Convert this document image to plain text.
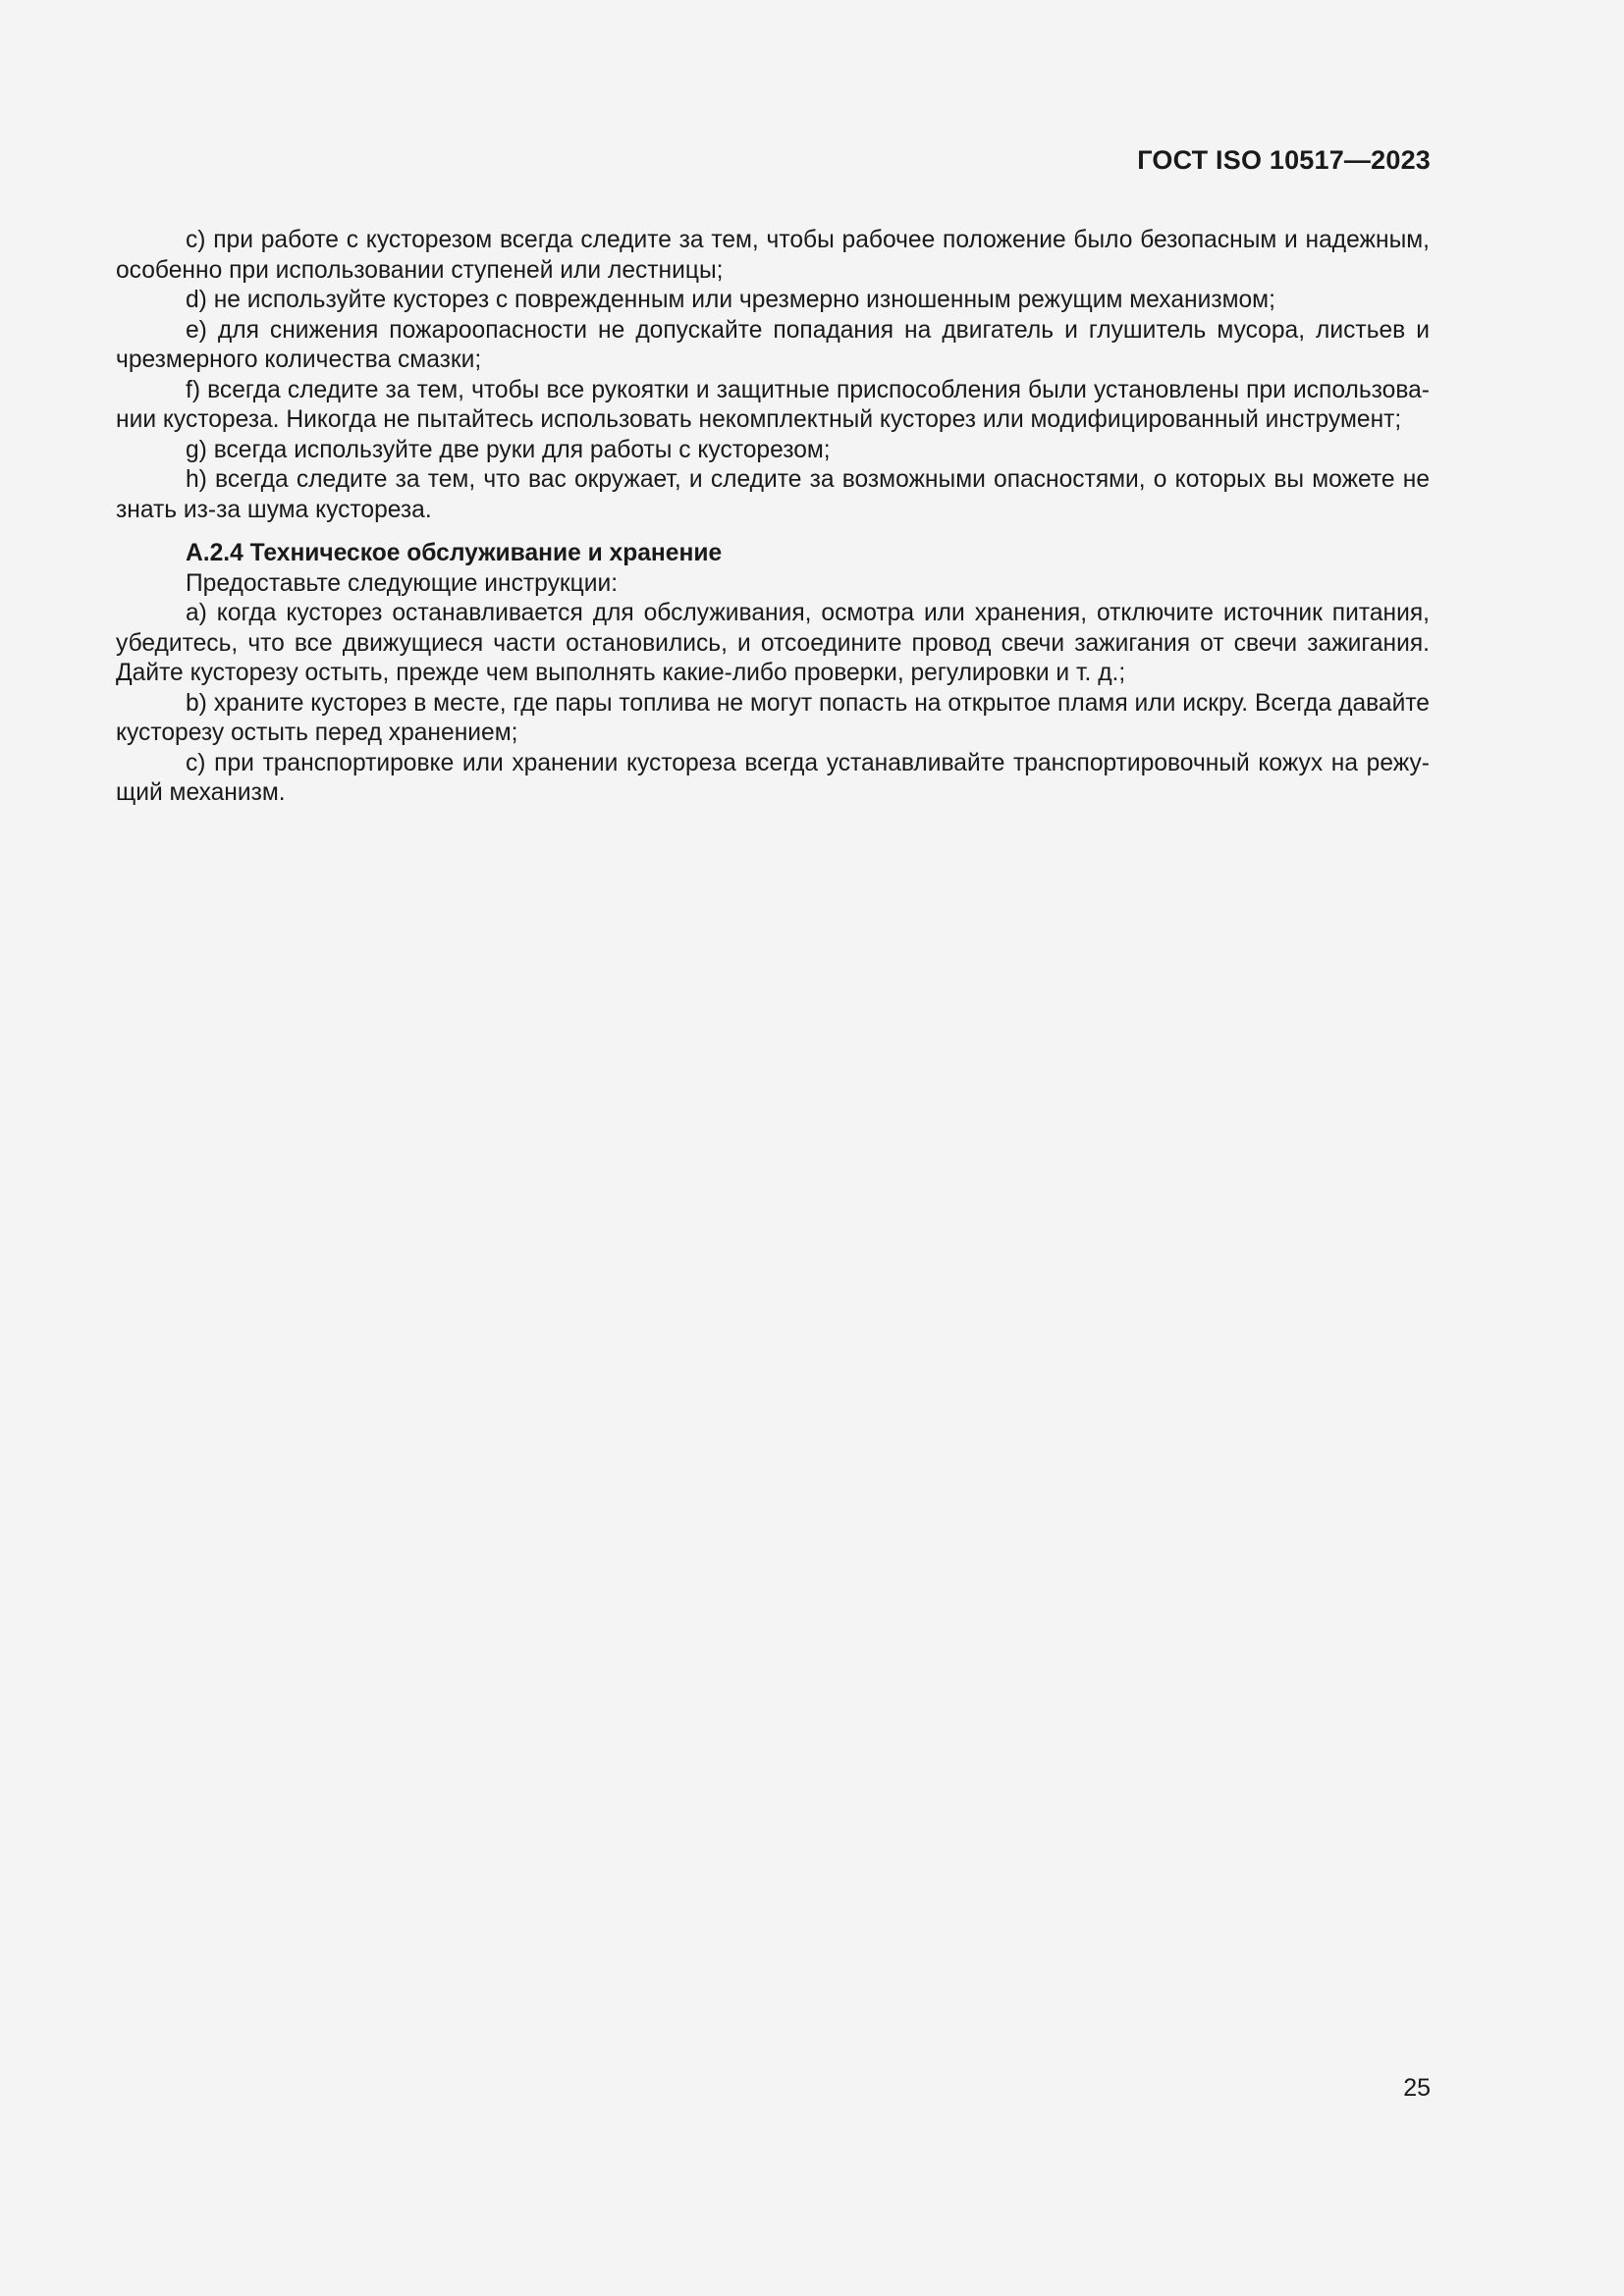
ГОСТ ISO 10517—2023

c) при работе с кусторезом всегда следите за тем, чтобы рабочее положение было безопасным и надежным, особенно при использовании ступеней или лестницы;

d) не используйте кусторез с поврежденным или чрезмерно изношенным режущим механизмом;

e) для снижения пожароопасности не допускайте попадания на двигатель и глушитель мусора, листьев и чрезмерного количества смазки;

f) всегда следите за тем, чтобы все рукоятки и защитные приспособления были установлены при использовании кустореза. Никогда не пытайтесь использовать некомплектный кусторез или модифицированный инструмент;

g) всегда используйте две руки для работы с кусторезом;

h) всегда следите за тем, что вас окружает, и следите за возможными опасностями, о которых вы можете не знать из-за шума кустореза.

А.2.4 Техническое обслуживание и хранение

Предоставьте следующие инструкции:

а) когда кусторез останавливается для обслуживания, осмотра или хранения, отключите источник питания, убедитесь, что все движущиеся части остановились, и отсоедините провод свечи зажигания от свечи зажигания. Дайте кусторезу остыть, прежде чем выполнять какие-либо проверки, регулировки и т. д.;

b) храните кусторез в месте, где пары топлива не могут попасть на открытое пламя или искру. Всегда давайте кусторезу остыть перед хранением;

c) при транспортировке или хранении кустореза всегда устанавливайте транспортировочный кожух на режущий механизм.

25
